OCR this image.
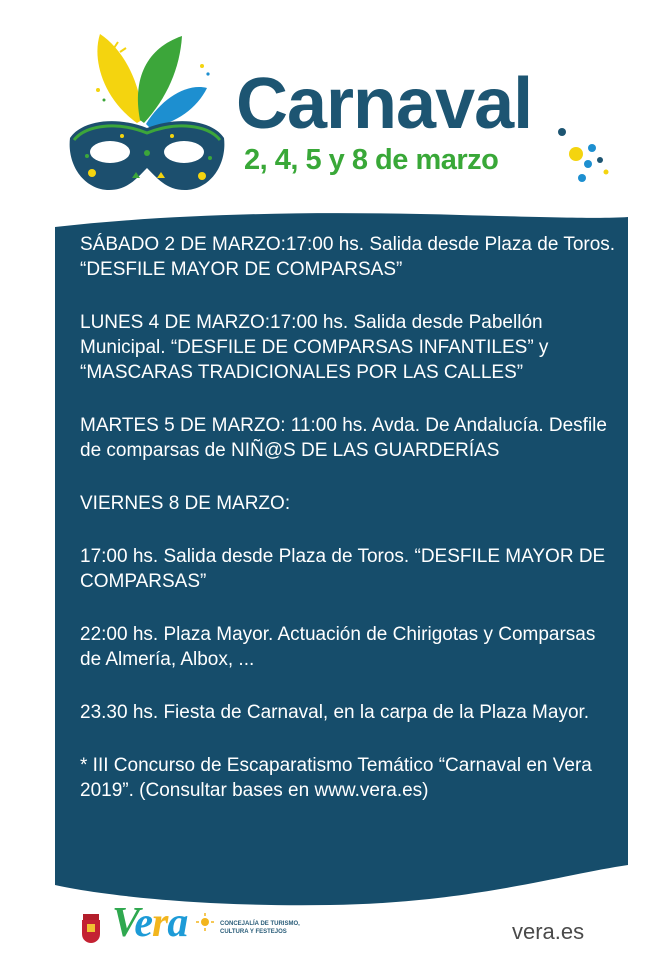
Carnaval
2, 4, 5 y 8 de marzo

SÁBADO 2 DE MARZO:17:00 hs. Salida desde Plaza de Toros. “DESFILE MAYOR DE COMPARSAS”

LUNES 4 DE MARZO:17:00 hs. Salida desde Pabellón Municipal. “DESFILE DE COMPARSAS INFANTILES” y “MASCARAS TRADICIONALES POR LAS CALLES”

MARTES 5 DE MARZO: 11:00 hs. Avda. De Andalucía. Desfile de comparsas de NIÑ@S DE LAS GUARDERÍAS

VIERNES 8 DE MARZO:

17:00 hs. Salida desde Plaza de Toros. “DESFILE MAYOR DE COMPARSAS”

22:00 hs. Plaza Mayor. Actuación de Chirigotas y Comparsas de Almería, Albox, ...

23.30 hs. Fiesta de Carnaval, en la carpa de la Plaza Mayor.

* III Concurso de Escaparatismo Temático “Carnaval en Vera 2019”. (Consultar bases en www.vera.es)

Vera	CONCEJALÍA DE TURISMO, CULTURA Y FESTEJOS	vera.es
